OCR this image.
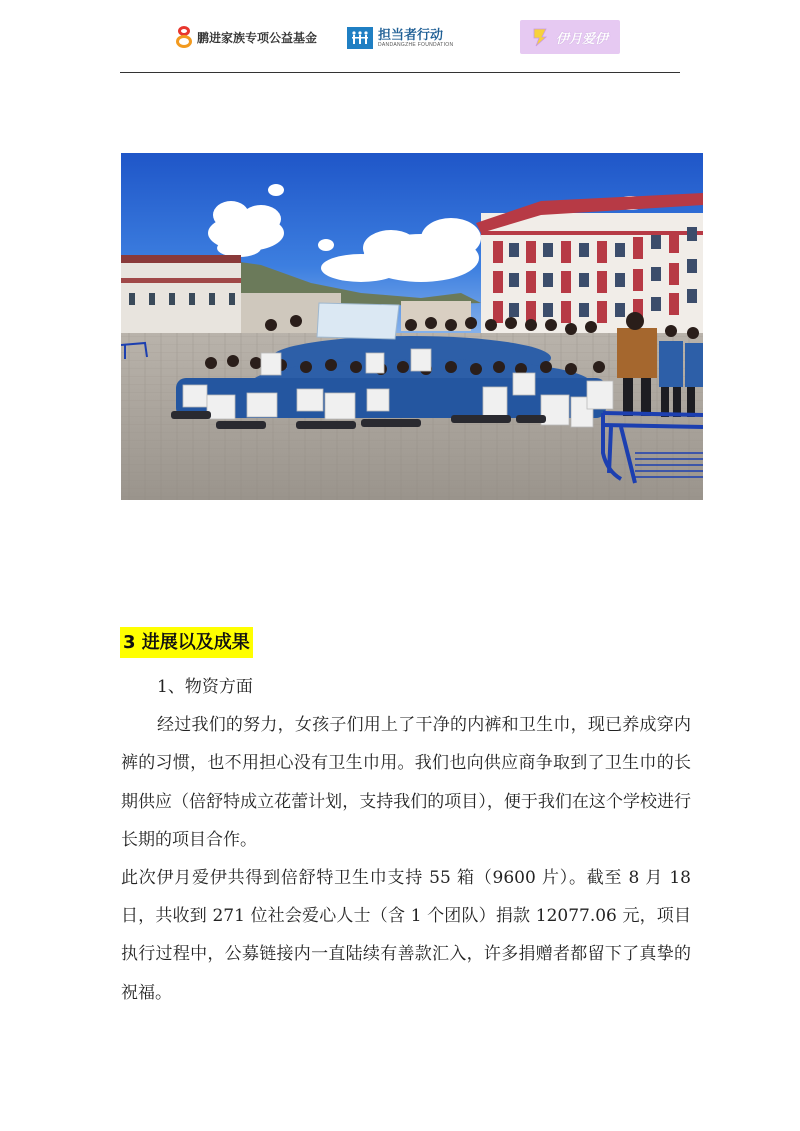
鹏进家族专项公益基金	担当者行动
DANDANGZHE FOUNDATION	伊月爱伊
3 进展以及成果

1、物资方面

经过我们的努力，女孩子们用上了干净的内裤和卫生巾，现已养成穿内裤的习惯，也不用担心没有卫生巾用。我们也向供应商争取到了卫生巾的长期供应（倍舒特成立花蕾计划，支持我们的项目），便于我们在这个学校进行长期的项目合作。

此次伊月爱伊共得到倍舒特卫生巾支持 55 箱（9600 片）。截至 8 月 18 日，共收到 271 位社会爱心人士（含 1 个团队）捐款 12077.06 元，项目执行过程中，公募链接内一直陆续有善款汇入，许多捐赠者都留下了真挚的祝福。
